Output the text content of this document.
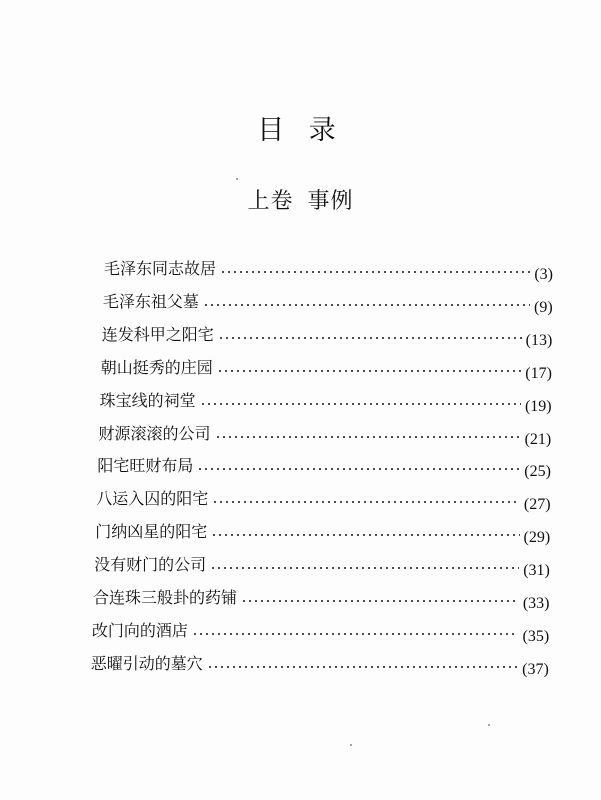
目 录
上卷 事例
毛泽东同志故居	(3)
毛泽东祖父墓	(9)
连发科甲之阳宅	(13)
朝山挺秀的庄园	(17)
珠宝线的祠堂	(19)
财源滚滚的公司	(21)
阳宅旺财布局	(25)
八运入囚的阳宅	(27)
门纳凶星的阳宅	(29)
没有财门的公司	(31)
合连珠三般卦的药铺	(33)
改门向的酒店	(35)
恶曜引动的墓穴	(37)
